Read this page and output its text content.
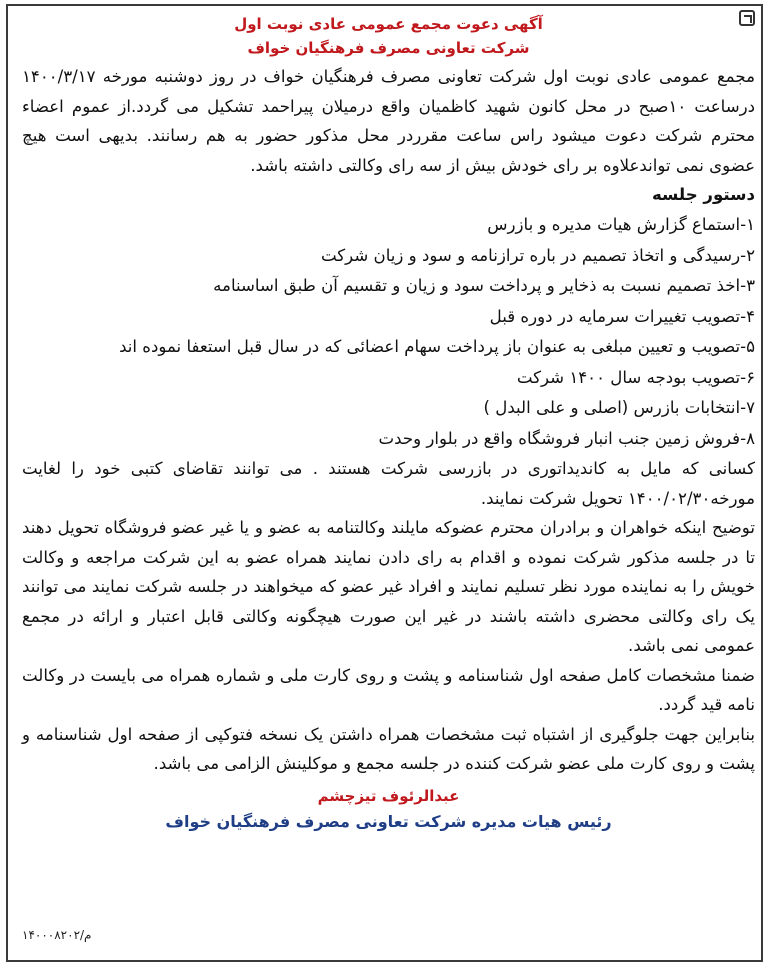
آگهی دعوت مجمع عمومی عادی نوبت اول
شرکت تعاونی مصرف فرهنگیان خواف

مجمع عمومی عادی نوبت اول شرکت تعاونی مصرف فرهنگیان خواف در روز دوشنبه مورخه ۱۴۰۰/۳/۱۷ درساعت ۱۰صبح در محل کانون شهید کاظمیان واقع درمیلان پیراحمد تشکیل می گردد.از عموم اعضاء محترم شرکت دعوت میشود راس ساعت مقرردر محل مذکور حضور به هم رسانند. بدیهی است هیچ عضوی نمی تواندعلاوه بر رای خودش بیش از سه رای وکالتی داشته باشد.

دستور جلسه

۱-استماع گزارش هیات مدیره و بازرس
۲-رسیدگی و اتخاذ تصمیم در باره ترازنامه و سود و زیان شرکت
۳-اخذ تصمیم نسبت به ذخایر و پرداخت سود و زیان و تقسیم آن طبق اساسنامه
۴-تصویب تغییرات سرمایه در دوره قبل
۵-تصویب و تعیین مبلغی به عنوان باز پرداخت سهام اعضائی که در سال قبل استعفا نموده اند
۶-تصویب بودجه سال ۱۴۰۰ شرکت
۷-انتخابات بازرس (اصلی و علی البدل )
۸-فروش زمین جنب انبار فروشگاه واقع در بلوار وحدت

کسانی که مایل به کاندیداتوری در بازرسی شرکت هستند . می توانند تقاضای کتبی خود را لغایت مورخه۱۴۰۰/۰۲/۳۰ تحویل شرکت نمایند.

توضیح اینکه خواهران و برادران محترم عضوکه مایلند وکالتنامه به عضو و یا غیر عضو فروشگاه تحویل دهند تا در جلسه مذکور شرکت نموده و اقدام به رای دادن نمایند همراه عضو به این شرکت مراجعه و وکالت خویش را به نماینده مورد نظر تسلیم نمایند و افراد غیر عضو که میخواهند در جلسه شرکت نمایند می توانند یک رای وکالتی محضری داشته باشند در غیر این صورت هیچگونه وکالتی قابل اعتبار و ارائه در مجمع عمومی نمی باشد.

ضمنا مشخصات کامل صفحه اول شناسنامه و پشت و روی کارت ملی و شماره همراه می بایست در وکالت نامه قید گردد.

بنابراین جهت جلوگیری از اشتباه ثبت مشخصات همراه داشتن یک نسخه فتوکپی از صفحه اول شناسنامه و پشت و روی کارت ملی عضو شرکت کننده در جلسه مجمع و موکلینش الزامی می باشد.

عبدالرئوف تیزچشم
رئیس هیات مدیره شرکت تعاونی مصرف فرهنگیان خواف
م/۱۴۰۰۰۸۲۰۲
